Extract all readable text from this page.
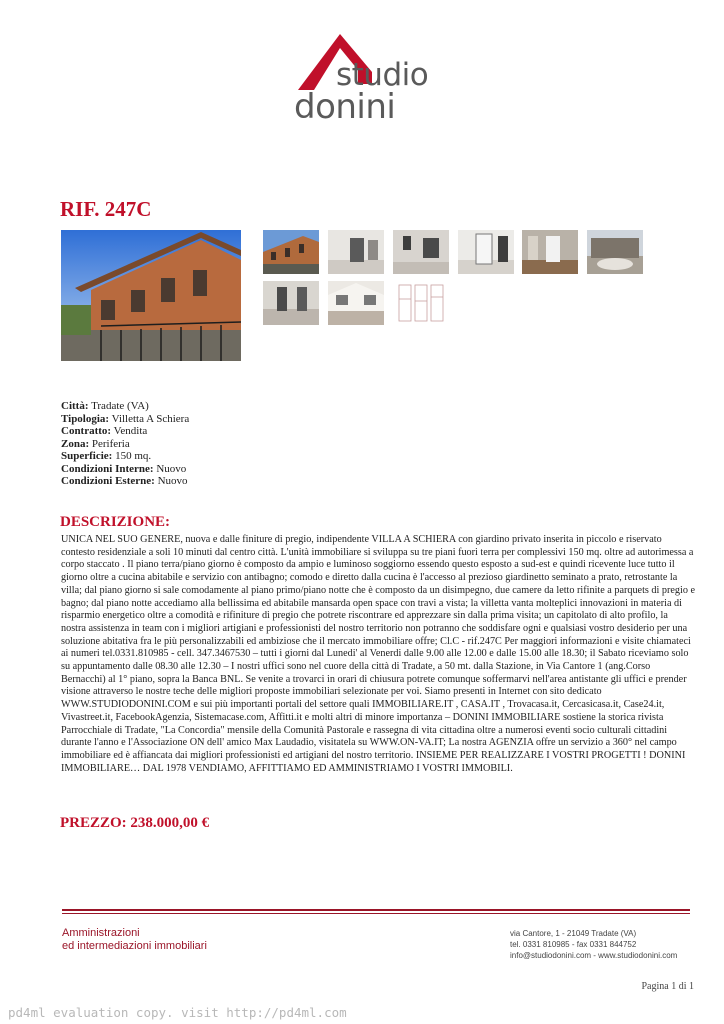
studio
donini
RIF. 247C
Città: Tradate (VA)
Tipologia: Villetta A Schiera
Contratto: Vendita
Zona: Periferia
Superficie: 150 mq.
Condizioni Interne: Nuovo
Condizioni Esterne: Nuovo
DESCRIZIONE:

UNICA NEL SUO GENERE, nuova e dalle finiture di pregio, indipendente VILLA A SCHIERA con giardino privato inserita in piccolo e riservato contesto residenziale a soli 10 minuti dal centro città. L'unità immobiliare si sviluppa su tre piani fuori terra per complessivi 150 mq. oltre ad autorimessa a corpo staccato . Il piano terra/piano giorno è composto da ampio e luminoso soggiorno essendo questo esposto a sud-est e quindi ricevente luce tutto il giorno oltre a cucina abitabile e servizio con antibagno; comodo e diretto dalla cucina è l'accesso al prezioso giardinetto seminato a prato, retrostante la villa; dal piano giorno si sale comodamente al piano primo/piano notte che è composto da un disimpegno, due camere da letto rifinite a parquets di pregio e bagno; dal piano notte accediamo alla bellissima ed abitabile mansarda open space con travi a vista; la villetta vanta molteplici innovazioni in materia di risparmio energetico oltre a comodità e rifiniture di pregio che potrete riscontrare ed apprezzare sin dalla prima visita; un capitolato di alto profilo, la nostra assistenza in team con i migliori artigiani e professionisti del nostro territorio non potranno che soddisfare ogni e qualsiasi vostro desiderio per una soluzione abitativa fra le più personalizzabili ed ambiziose che il mercato immobiliare offre; Cl.C - rif.247C Per maggiori informazioni e visite chiamateci ai numeri tel.0331.810985 - cell. 347.3467530 – tutti i giorni dal Lunedi' al Venerdi dalle 9.00 alle 12.00 e dalle 15.00 alle 18.30; il Sabato riceviamo solo su appuntamento dalle 08.30 alle 12.30 – I nostri uffici sono nel cuore della città di Tradate, a 50 mt. dalla Stazione, in Via Cantore 1 (ang.Corso Bernacchi) al 1° piano, sopra la Banca BNL. Se venite a trovarci in orari di chiusura potrete comunque soffermarvi nell'area antistante gli uffici e prender visione attraverso le nostre teche delle migliori proposte immobiliari selezionate per voi. Siamo presenti in Internet con sito dedicato WWW.STUDIODONINI.COM e sui più importanti portali del settore quali IMMOBILIARE.IT , CASA.IT , Trovacasa.it, Cercasicasa.it, Case24.it, Vivastreet.it, FacebookAgenzia, Sistemacase.com, Affitti.it e molti altri di minore importanza – DONINI IMMOBILIARE sostiene la storica rivista Parrocchiale di Tradate, "La Concordia" mensile della Comunità Pastorale e rassegna di vita cittadina oltre a numerosi eventi socio culturali cittadini durante l'anno e l'Associazione ON dell' amico Max Laudadio, visitatela su WWW.ON-VA.IT; La nostra AGENZIA offre un servizio a 360° nel campo immobiliare ed è affiancata dai migliori professionisti ed artigiani del nostro territorio. INSIEME PER REALIZZARE I VOSTRI PROGETTI ! DONINI IMMOBILIARE… DAL 1978 VENDIAMO, AFFITTIAMO ED AMMINISTRIAMO I VOSTRI IMMOBILI.

PREZZO: 238.000,00 €
Amministrazioni
ed intermediazioni immobiliari
via Cantore, 1 - 21049 Tradate (VA)
tel. 0331 810985 - fax 0331 844752
info@studiodonini.com - www.studiodonini.com
Pagina 1 di 1
pd4ml evaluation copy. visit http://pd4ml.com
